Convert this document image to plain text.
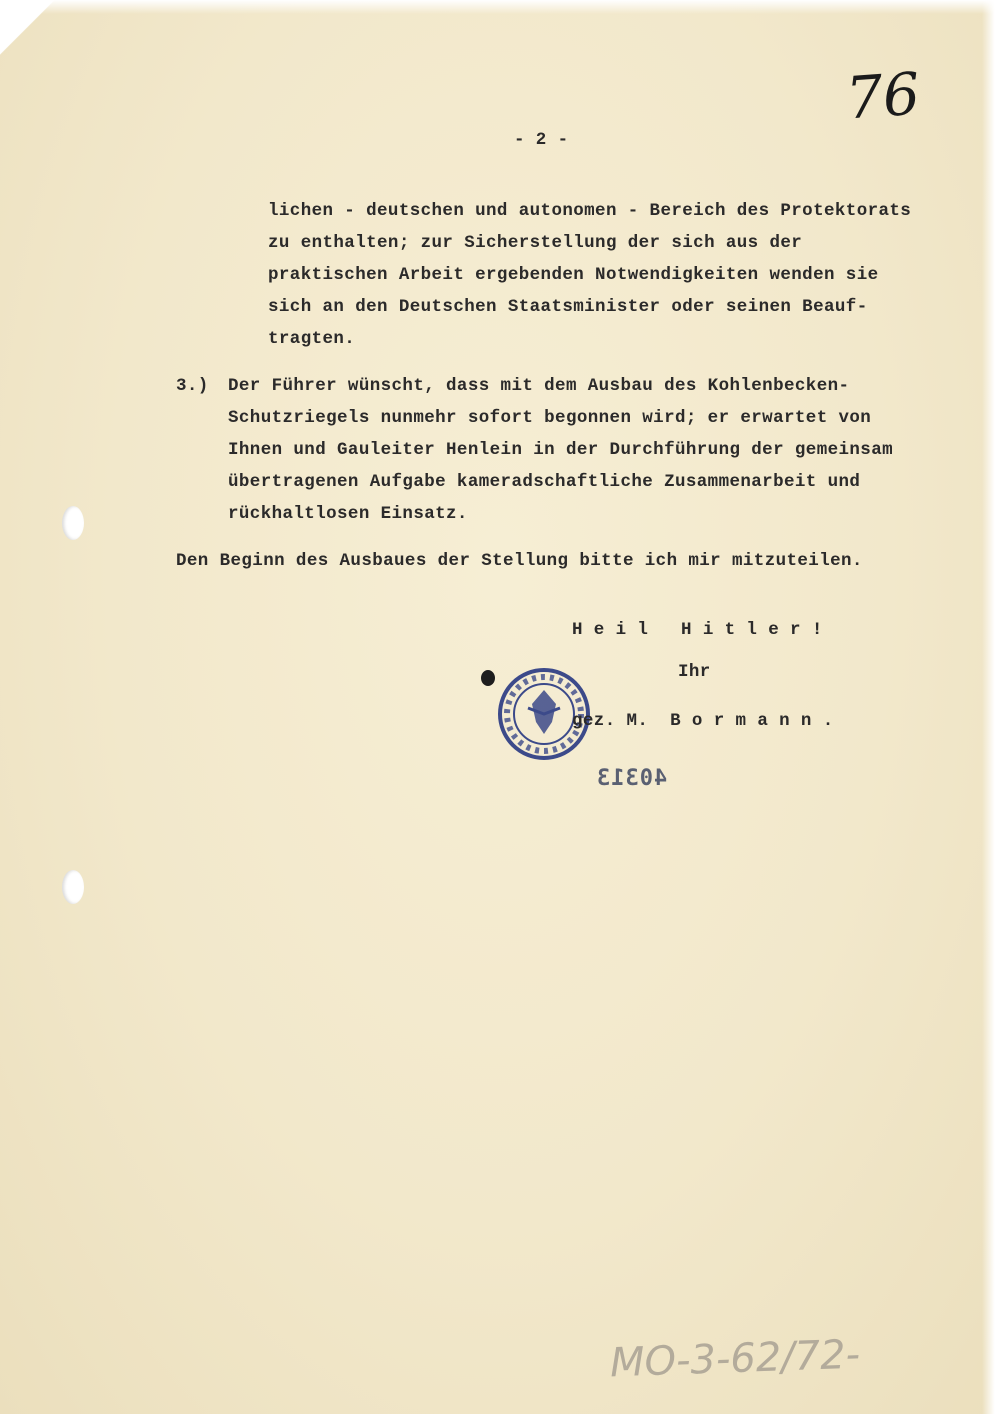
76

- 2 -

lichen - deutschen und autonomen - Bereich des Protektorats

zu enthalten; zur Sicherstellung der sich aus der

praktischen Arbeit ergebenden Notwendigkeiten wenden sie

sich an den Deutschen Staatsminister oder seinen Beauf-

tragten.

3.) Der Führer wünscht, dass mit dem Ausbau des Kohlenbecken-

Schutzriegels nunmehr sofort begonnen wird; er erwartet von

Ihnen und Gauleiter Henlein in der Durchführung der gemeinsam

übertragenen Aufgabe kameradschaftliche Zusammenarbeit und

rückhaltlosen Einsatz.

Den Beginn des Ausbaues der Stellung bitte ich mir mitzuteilen.

H e i l   H i t l e r !

Ihr

gez. M.  B o r m a n n .

40313
MO-3-62/72-
